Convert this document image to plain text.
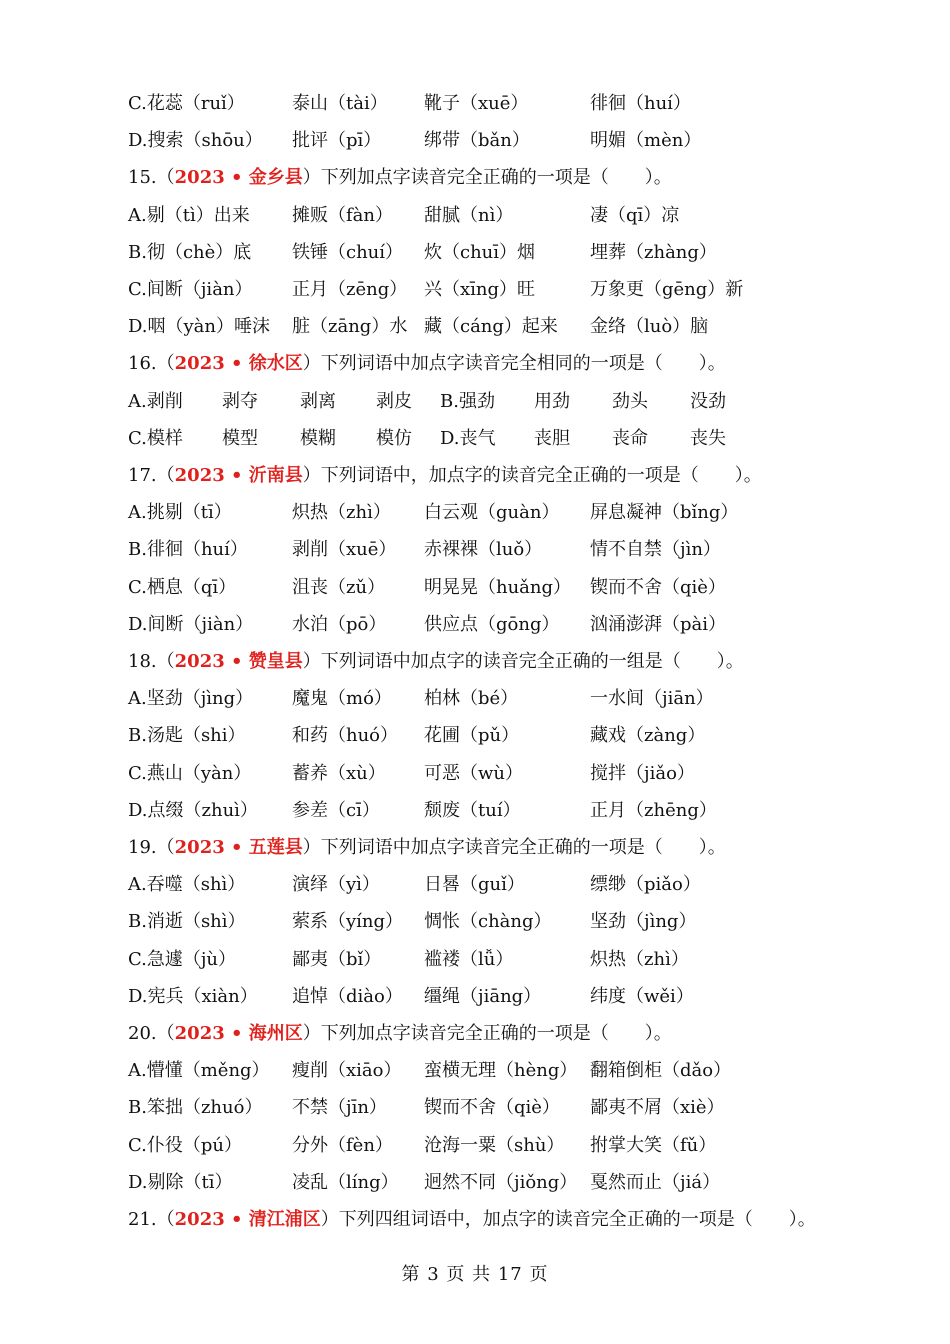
C.花蕊（ruǐ）	泰山（tài） 靴子（xuē）	徘徊（huí）
D.搜索（shōu） 批评（pī） 绑带（bǎn）	明媚（mèn）
15.（2023 • 金乡县）下列加点字读音完全正确的一项是（　　）。
A.剔（tì）出来 摊贩（fàn） 甜腻（nì）	凄（qī）凉
B.彻（chè）底 铁锤（chuí） 炊（chuī）烟	埋葬（zhàng）
C.间断（jiàn） 正月（zēng） 兴（xīng）旺	万象更（gēng）新
D.咽（yàn）唾沫 脏（zāng）水 藏（cáng）起来 金络（luò）脑
16.（2023 • 徐水区）下列词语中加点字读音完全相同的一项是（　　）。
A.剥削 剥夺 剥离 剥皮 B.强劲 用劲 劲头 没劲
C.模样 模型 模糊 模仿 D.丧气 丧胆 丧命 丧失
17.（2023 • 沂南县）下列词语中，加点字的读音完全正确的一项是（　　）。
A.挑剔（tī）	炽热（zhì） 白云观（guàn） 屏息凝神（bǐng）
B.徘徊（huí） 剥削（xuē） 赤裸裸（luǒ）	情不自禁（jìn）
C.栖息（qī）	沮丧（zǔ） 明晃晃（huǎng） 锲而不舍（qiè）
D.间断（jiàn） 水泊（pō） 供应点（gōng） 汹涌澎湃（pài）
18.（2023 • 赞皇县）下列词语中加点字的读音完全正确的一组是（　　）。
A.坚劲（jìng） 魔鬼（mó） 柏林（bé）	一水间（jiān）
B.汤匙（shi）	和药（huó） 花圃（pǔ）	藏戏（zàng）
C.燕山（yàn） 蓄养（xù） 可恶（wù）	搅拌（jiǎo）
D.点缀（zhuì） 参差（cī） 颓废（tuí）	正月（zhēng）
19.（2023 • 五莲县）下列词语中加点字读音完全正确的一项是（　　）。
A.吞噬（shì）	演绎（yì） 日晷（guǐ）	缥缈（piǎo）
B.消逝（shì）	萦系（yíng） 惆怅（chàng） 坚劲（jìng）
C.急遽（jù）	鄙夷（bǐ） 褴褛（lǚ）	炽热（zhì）
D.宪兵（xiàn） 追悼（diào） 缰绳（jiāng）	纬度（wěi）
20.（2023 • 海州区）下列加点字读音完全正确的一项是（　　）。
A.懵懂（měng） 瘦削（xiāo） 蛮横无理（hèng） 翻箱倒柜（dǎo）
B.笨拙（zhuó） 不禁（jīn） 锲而不舍（qiè） 鄙夷不屑（xiè）
C.仆役（pú）	分外（fèn） 沧海一粟（shù） 拊掌大笑（fǔ）
D.剔除（tī）	凌乱（líng） 迥然不同（jiǒng） 戛然而止（jiá）
21.（2023 • 清江浦区）下列四组词语中，加点字的读音完全正确的一项是（　　）。
第 3 页 共 17 页
